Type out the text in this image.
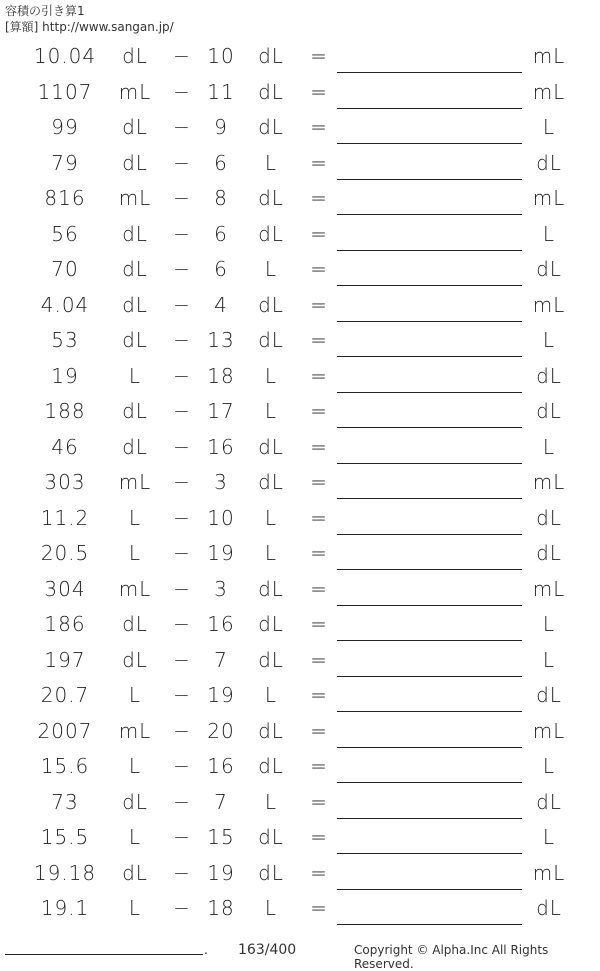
容積の引き算1
[算額] http://www.sangan.jp/
10.04	dL	− 10	dL	=	mL
1107	mL	− 11	dL	=	mL
99	dL	−	9	dL	=	L
79	dL	−	6	L	=	dL
816	mL	−	8	dL	=	mL
56	dL	−	6	dL	=	L
70	dL	−	6	L	=	dL
4.04	dL	−	4	dL	=	mL
53	dL	− 13	dL	=	L
19	L	− 18	L	=	dL
188	dL	− 17	L	=	dL
46	dL	− 16	dL	=	L
303	mL	−	3	dL	=	mL
11.2	L	− 10	L	=	dL
20.5	L	− 19	L	=	dL
304	mL	−	3	dL	=	mL
186	dL	− 16	dL	=	L
197	dL	−	7	dL	=	L
20.7	L	− 19	L	=	dL
2007	mL	− 20	dL	=	mL
15.6	L	− 16	dL	=	L
73	dL	−	7	L	=	dL
15.5	L	− 15	dL	=	L
19.18	dL	− 19	dL	=	mL
19.1	L	− 18	L	=	dL
. 163/400	Copyright © Alpha.Inc All Rights Reserved.
